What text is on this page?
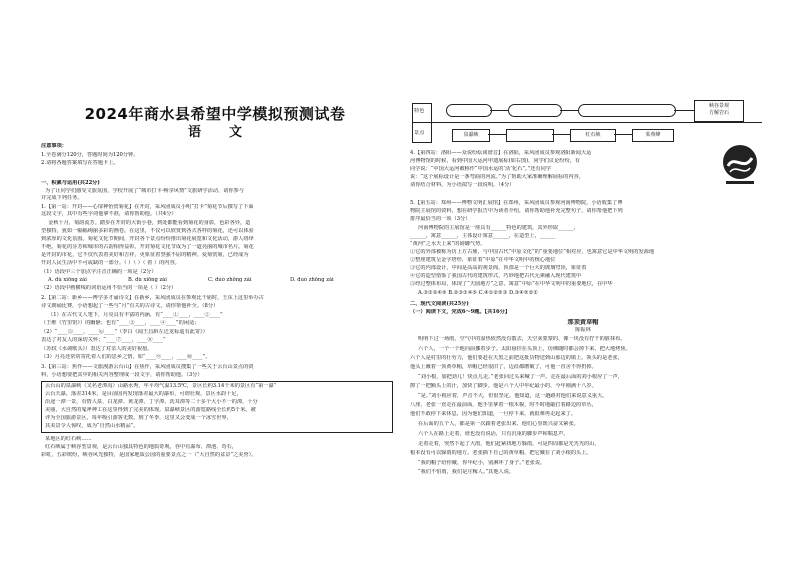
2024年商水县希望中学模拟预测试卷
语 文
注意事项：
1.全卷满分120分，答题时间为120分钟。
2.请将各题答案填写在答题卡上。
一、积累与运用(共22分)
为了让同学们感受文旅氛围，学校开展了“城市打卡·畅享风情”文旅研学活动，请你参与
并完成下列任务。
1.【第一站：开封——心扉神怡赏菊花】在开封，采风团成员小明“打卡”菊花节后撰写了下面
这段文字，其中有些字词他拿不准，请你帮助他。（共4分）
金秋十月，菊韵流芳。踏步在开封的大街小巷，到处都能看到菊花的身影，色彩各异，造
型独特，犹如一幅幅绚丽多彩的画卷。在这里，不仅可以欣赏到各式各样的菊花，还可以体验
到浓厚的文化氛围。菊花文化节期间，开封各个景点纷纷推出菊花展览和文化活动，游人络绎
不绝。菊花的芬芳和城市的古韵相得益彰，开封菊花文化节成为了一道亮丽的城市名片。菊花
是开封的市花，它不仅代表着美好和吉祥，更象征着坚强不屈的精神。爱菊赏菊，已经成为
开封人民生活中不可或缺的一部分。（ ）（ ）（ 着 ）的内容。
（1）语段中三个加点字注音正确的一项是（2分）
A. dù xiōng zǎi	B. dù xiōng zǎi	C. duò zhōng zǎi	D. duò zhōng zǎi
（2）语段中画横线的词语运用不恰当的一项是（ ）（2分）
2.【第二站：新乡——博学多才诵诗文】在新乡，采风团成员在参观比干庙时，王东上这里举办古
诗文朗诵比赛，小语想起了一些与“月”有关的古诗文，请你帮他补全。（8分）
（1）在古代文人笔下，月亮具有丰富的内涵，有“____①____，____②____”
（王维《竹里馆》）的幽静；也有“____③____，____④____”的闲适；
（2）“____⑤____，____⑥____”（李白《闻王昌龄左迁龙标遥有此寄》）
表达了对友人的深切关怀；“____⑦____，____⑧____”
（苏轼《水调歌头》）表达了对亲人的美好祝愿。
（3）月亮还常常寄托着人们的思乡之情，如“____⑨____，____⑩____”。
3.【第三站：焦作——文旅漫游云台山】在焦作，采风团成员搜集了一些关于云台山景点的资
料，小语想要把其中的相关内容整理成一段文字，请你帮助他。（3分）
云台山的泉瀑峡（又名老潭沟）山路水秀，年平均气温13.5℃，景区长约3.14千米的景区有“第一瀑”
云台天瀑，落差314米，是目前国内发现落差最大的瀑布，可谓壮观。景区水韵十足，
沿途一潭一景，有情人泉、白龙潭、黄龙潭、丁字潭、洗耳潭等二十多个大小不一的潭，十分
美丽，大自然的鬼斧神工在这里得到了完美的体现。泉瀑峡景区的游览路线全长约5千米。被
评为全国旅游景区，每年吸引游客无数。到了冬季，这里又会变成一个冰雪世界，
其美景令人惊叹，成为“自然山水精品”。
某地区的红石峡……
红石峡属于峡谷型景观，是云台山独具特色的地质奇观，谷中有瀑布、潭池、奇石，
彩虹，五彩缤纷，峡谷风光独特，是国家地质公园的重要景点之一（“大自然的盆景”之美誉）。
特色
景点
峡谷景观
方解岩石
泉瀑峡	红石峡	茱萸峰
4.【第四站：洛阳——众说纷纭谈谐音】在洛阳，采风团成员参观洛阳新闻大运
河博物馆的时候，看到中国大运河申遗展标(如右图)，同学们议论纷纷，有
同学说：“中国大运河被称作“中国水运的‘活’化石”。”还有同学
说：“这个展标设计是一条弯曲的河流。”为了帮助大家准确理解展标的内容，
请你结合材料，为小语拟写一段说明。（4分）
5.【第五站：郑州——博物文明汇展馆】在郑州，采风团成员参观河南博物院，小语收集了博
物院主展馆的资料，想在研学报告中为读者介绍，请你帮助他补充完整句子，请你帮他把下列
排序最恰当的一项（3分）
河南博物院的主展馆是一座具有______特色的建筑，其外形取______，
______，寓意______，主体设计寓意______，在造型上，______
“黄河”之水天上来”的磅礴气势。
①它的外部被称为仿上方古鼎，与中国古代“中原文化”的“重要地位”相对应，也寓意它是中华文明的发源地
②整座建筑呈金字塔形，象征着“中原”在中华文明中的核心地位
③它的内部设计，中间是高高的观景阁，顶部是一个巨大的玻璃穹顶，象征着
④它的造型借鉴了我国古代的建筑形式，巧妙地把古代元素融入现代建筑中
⑤经过整体布局，体现了“天圆地方”之意，寓意“中原”在中华文明中的重要地位，在中华
A.③①②④⑤ B.②③①④⑤ C.④①②⑤③ D.③④⑤②①
二、现代文阅读(共25分)
（一）阅读下文，完成6～9题。【共16分】
那顶黄草帽
陈振林
明明下过一场雨，空气中的湿热依然没有散去，天空灰蒙蒙的，像一块没有拧干的脏抹布。
六个人，一个一个地向前挪着步子。太阳悬挂在头顶上，仿佛随时都会掉下来，把大地烤焦。
六个人是村里的壮劳力，他们要赶在天黑之前把这批货物送到山那边的镇上。领头的是老张，
他头上戴着一顶黄草帽，草帽已经很旧了，边沿都磨破了，可他一直舍不得扔掉。
“刘小根，加把劲儿！快点儿走。”老张回过头来喊了一声。走在最后面的刘小根应了一声，
擦了一把额头上的汗，加快了脚步。他是六个人中年纪最小的，今年刚满十八岁。
“是。”刘小根应着，声音不大，但很坚定。他知道，这一趟路对他们来说意义重大。
八座，老张一直走在最前面，他手里拿着一根木棍，时不时地敲打着路边的草丛，
他们不敢停下来休息，因为他们知道，一旦停下来，就很难再走起来了。
在后面的五个人，都是第一次跟着老张出来，他们心里既兴奋又紧张。
六个人在路上走着，谁也没有说话，只有沉重的脚步声和喘息声。
走着走着，突然下起了大雨，他们赶紧找地方躲雨，可是四周都是光秃秃的山，
根本没有可以躲雨的地方。老张摘下自己的黄草帽，把它戴在了刘小根的头上。
“我的帽子给你戴，你年纪小，别淋坏了身子。”老张说。
“我们不怕雨，我们是庄稼人。”其他人说。
